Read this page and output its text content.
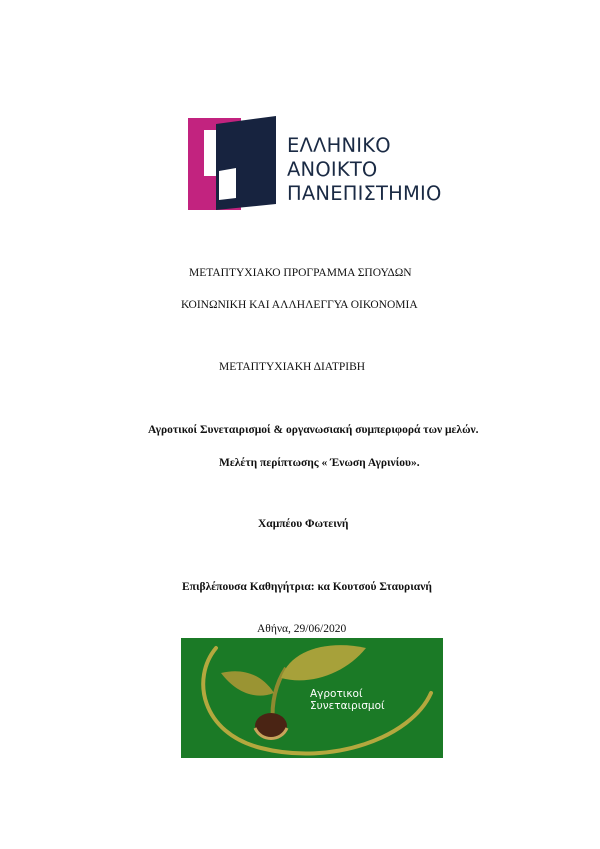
ΕΛΛΗΝΙΚΟ
ΑΝΟΙΚΤΟ
ΠΑΝΕΠΙΣΤΗΜΙΟ
ΜΕΤΑΠΤΥΧΙΑΚΟ ΠΡΟΓΡΑΜΜΑ ΣΠΟΥΔΩΝ
ΚΟΙΝΩΝΙΚΗ ΚΑΙ ΑΛΛΗΛΕΓΓΥΑ ΟΙΚΟΝΟΜΙΑ
ΜΕΤΑΠΤΥΧΙΑΚΗ ΔΙΑΤΡΙΒΗ
Αγροτικοί Συνεταιρισμοί & οργανωσιακή συμπεριφορά των μελών.
Μελέτη περίπτωσης « Ένωση Αγρινίου».
Χαμπέου Φωτεινή
Επιβλέπουσα Καθηγήτρια: κα Κουτσού Σταυριανή
Αθήνα, 29/06/2020
Αγροτικοί
Συνεταιρισμοί
